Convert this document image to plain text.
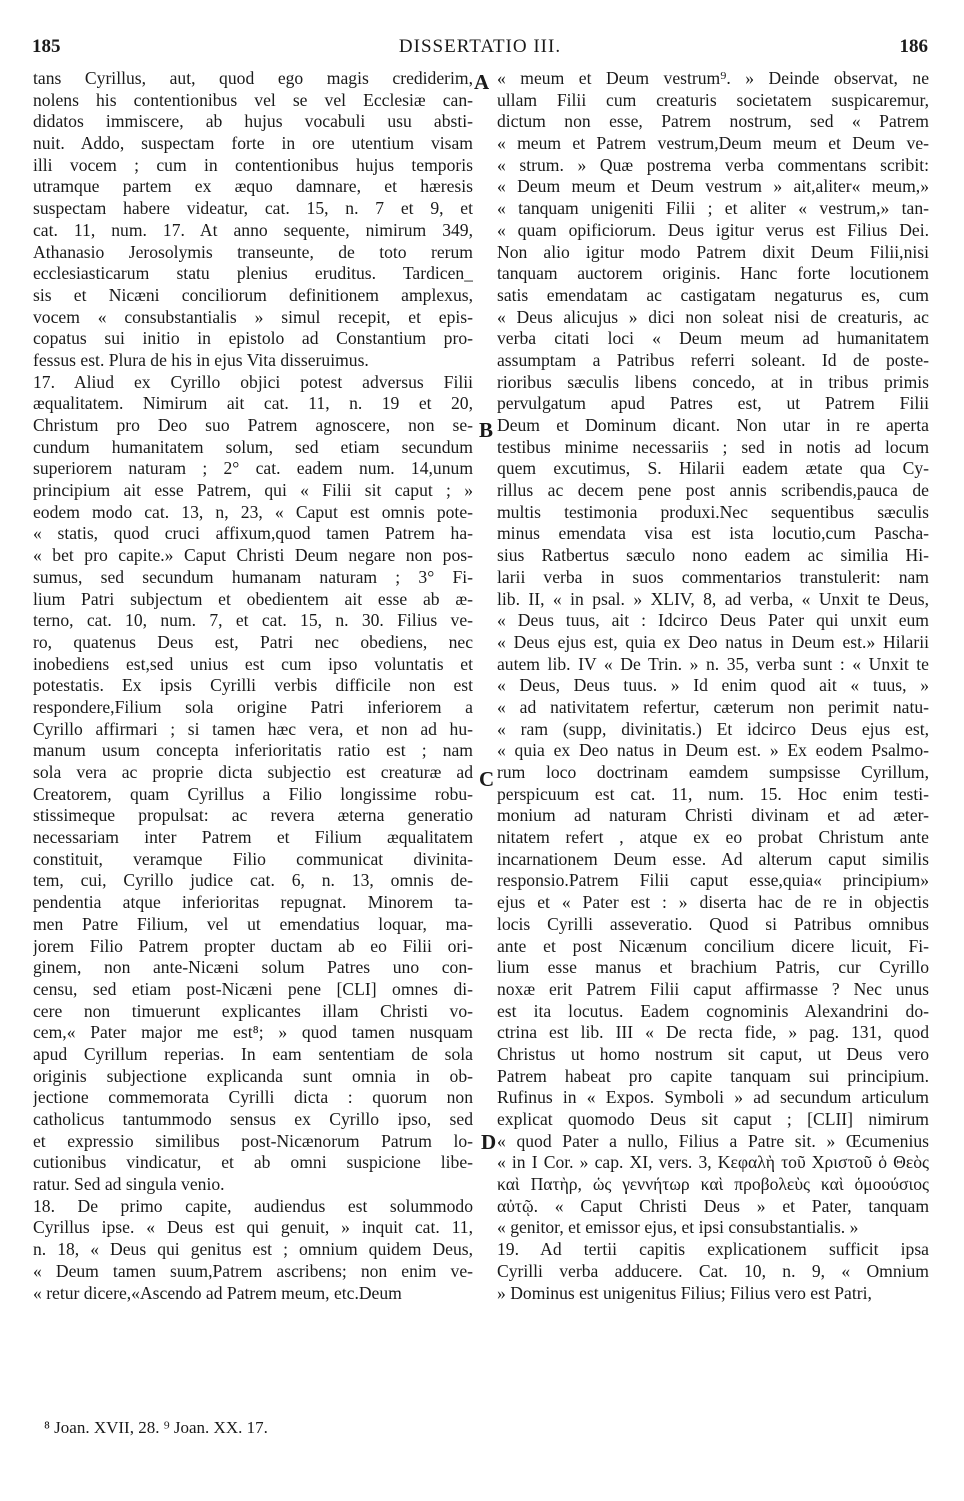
185	DISSERTATIO III.	186
tans Cyrillus, aut, quod ego magis crediderim,
nolens his contentionibus vel se vel Ecclesiæ can-
didatos immiscere, ab hujus vocabuli usu absti-
nuit. Addo, suspectam forte in ore utentium visam
illi vocem ; cum in contentionibus hujus temporis
utramque partem ex æquo damnare, et hæresis
suspectam habere videatur, cat. 15, n. 7 et 9, et
cat. 11, num. 17. At anno sequente, nimirum 349,
Athanasio Jerosolymis transeunte, de toto rerum
ecclesiasticarum statu plenius eruditus. Tardicen_
sis et Nicæni conciliorum definitionem amplexus,
vocem « consubstantialis » simul recepit, et epis-
copatus sui initio in epistolo ad Constantium pro-
fessus est. Plura de his in ejus Vita disseruimus.
17. Aliud ex Cyrillo objici potest adversus Filii
æqualitatem. Nimirum ait cat. 11, n. 19 et 20,
Christum pro Deo suo Patrem agnoscere, non se-
cundum humanitatem solum, sed etiam secundum
superiorem naturam ; 2° cat. eadem num. 14,unum
principium ait esse Patrem, qui « Filii sit caput ; »
eodem modo cat. 13, n, 23, « Caput est omnis pote-
« statis, quod cruci affixum,quod tamen Patrem ha-
« bet pro capite.» Caput Christi Deum negare non pos-
sumus, sed secundum humanam naturam ; 3° Fi-
lium Patri subjectum et obedientem ait esse ab æ-
terno, cat. 10, num. 7, et cat. 15, n. 30. Filius ve-
ro, quatenus Deus est, Patri nec obediens, nec
inobediens est,sed unius est cum ipso voluntatis et
potestatis. Ex ipsis Cyrilli verbis difficile non est
respondere,Filium sola origine Patri inferiorem a
Cyrillo affirmari ; si tamen hæc vera, et non ad hu-
manum usum concepta inferioritatis ratio est ; nam
sola vera ac proprie dicta subjectio est creaturæ ad
Creatorem, quam Cyrillus a Filio longissime robu-
stissimeque propulsat: ac revera æterna generatio
necessariam inter Patrem et Filium æqualitatem
constituit, veramque Filio communicat divinita-
tem, cui, Cyrillo judice cat. 6, n. 13, omnis de-
pendentia atque inferioritas repugnat. Minorem ta-
men Patre Filium, vel ut emendatius loquar, ma-
jorem Filio Patrem propter ductam ab eo Filii ori-
ginem, non ante-Nicæni solum Patres uno con-
censu, sed etiam post-Nicæni pene [CLI] omnes di-
cere non timuerunt explicantes illam Christi vo-
cem,« Pater major me est⁸; » quod tamen nusquam
apud Cyrillum reperias. In eam sententiam de sola
originis subjectione explicanda sunt omnia in ob-
jectione commemorata Cyrilli dicta : quorum non
catholicus tantummodo sensus ex Cyrillo ipso, sed
et expressio similibus post-Nicænorum Patrum lo-
cutionibus vindicatur, et ab omni suspicione libe-
ratur. Sed ad singula venio.
18. De primo capite, audiendus est solummodo
Cyrillus ipse. « Deus est qui genuit, » inquit cat. 11,
n. 18, « Deus qui genitus est ; omnium quidem Deus,
« Deum tamen suum,Patrem ascribens; non enim ve-
« retur dicere,«Ascendo ad Patrem meum, etc.Deum
« meum et Deum vestrum⁹. » Deinde observat, ne
ullam Filii cum creaturis societatem suspicaremur,
dictum non esse, Patrem nostrum, sed « Patrem
« meum et Patrem vestrum,Deum meum et Deum ve-
« strum. » Quæ postrema verba commentans scribit:
« Deum meum et Deum vestrum » ait,aliter« meum,»
« tanquam unigeniti Filii ; et aliter « vestrum,» tan-
« quam opificiorum. Deus igitur verus est Filius Dei.
Non alio igitur modo Patrem dixit Deum Filii,nisi
tanquam auctorem originis. Hanc forte locutionem
satis emendatam ac castigatam negaturus es, cum
« Deus alicujus » dici non soleat nisi de creaturis, ac
verba citati loci « Deum meum ad humanitatem
assumptam a Patribus referri soleant. Id de poste-
rioribus sæculis libens concedo, at in tribus primis
pervulgatum apud Patres est, ut Patrem Filii
Deum et Dominum dicant. Non utar in re aperta
testibus minime necessariis ; sed in notis ad locum
quem excutimus, S. Hilarii eadem ætate qua Cy-
rillus ac decem pene post annis scribendis,pauca de
multis testimonia produxi.Nec sequentibus sæculis
minus emendata visa est ista locutio,cum Pascha-
sius Ratbertus sæculo nono eadem ac similia Hi-
larii verba in suos commentarios transtulerit: nam
lib. II, « in psal. » XLIV, 8, ad verba, « Unxit te Deus,
« Deus tuus, ait : Idcirco Deus Pater qui unxit eum
« Deus ejus est, quia ex Deo natus in Deum est.» Hilarii
autem lib. IV « De Trin. » n. 35, verba sunt : « Unxit te
« Deus, Deus tuus. » Id enim quod ait « tuus, »
« ad nativitatem refertur, cæterum non perimit natu-
« ram (supp, divinitatis.) Et idcirco Deus ejus est,
« quia ex Deo natus in Deum est. » Ex eodem Psalmo-
rum loco doctrinam eamdem sumpsisse Cyrillum,
perspicuum est cat. 11, num. 15. Hoc enim testi-
monium ad naturam Christi divinam et ad æter-
nitatem refert , atque ex eo probat Christum ante
incarnationem Deum esse. Ad alterum caput similis
responsio.Patrem Filii caput esse,quia« principium»
ejus et « Pater est : » diserta hac de re in objectis
locis Cyrilli asseveratio. Quod si Patribus omnibus
ante et post Nicænum concilium dicere licuit, Fi-
lium esse manus et brachium Patris, cur Cyrillo
noxæ erit Patrem Filii caput affirmasse ? Nec unus
est ita locutus. Eadem cognominis Alexandrini do-
ctrina est lib. III « De recta fide, » pag. 131, quod
Christus ut homo nostrum sit caput, ut Deus vero
Patrem habeat pro capite tanquam sui principium.
Rufinus in « Expos. Symboli » ad secundum articulum
explicat quomodo Deus sit caput ; [CLII] nimirum
« quod Pater a nullo, Filius a Patre sit. » Œcumenius
« in I Cor. » cap. XI, vers. 3, Κεφαλὴ τοῦ Χριστοῦ ὁ Θεὸς
καὶ Πατὴρ, ὡς γεννήτωρ καὶ προβολεὺς καὶ ὁμοούσιος
αὐτῷ. « Caput Christi Deus » et Pater, tanquam
« genitor, et emissor ejus, et ipsi consubstantialis. »
19. Ad tertii capitis explicationem sufficit ipsa
Cyrilli verba adducere. Cat. 10, n. 9, « Omnium
» Dominus est unigenitus Filius; Filius vero est Patri,
A
B
C
D
⁸ Joan. XVII, 28. ⁹ Joan. XX. 17.
